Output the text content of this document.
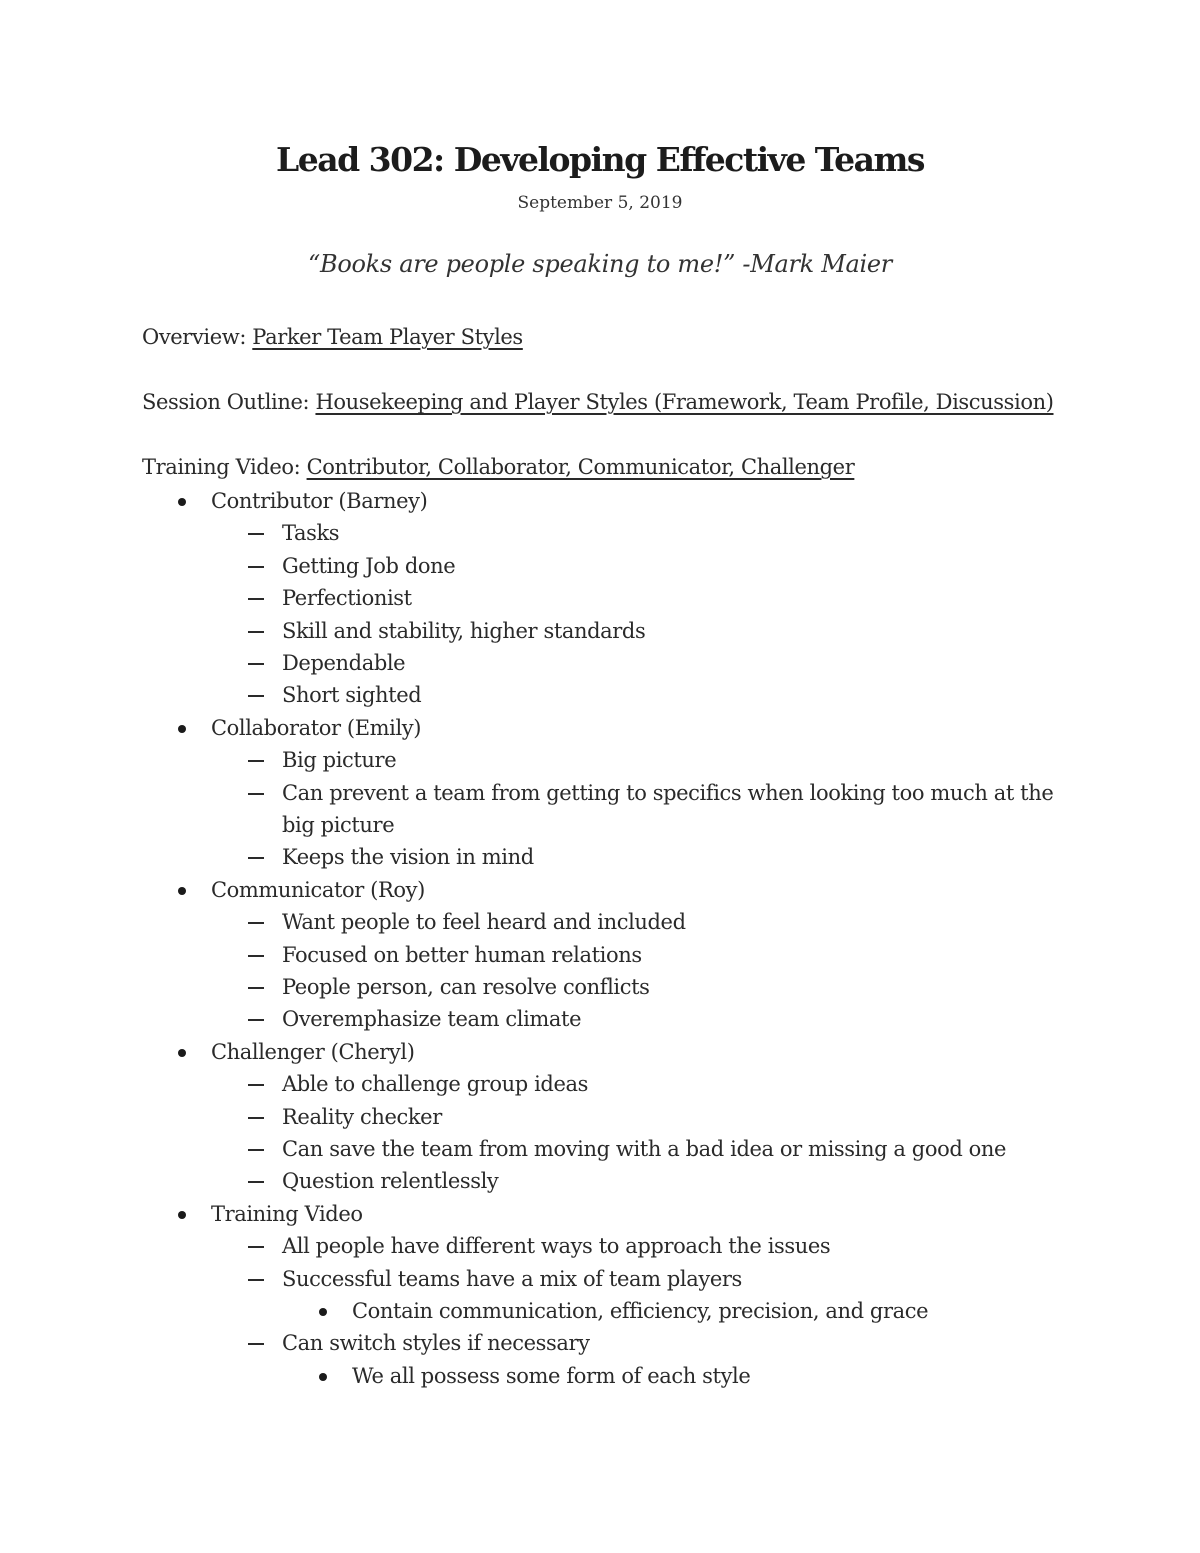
Lead 302: Developing Effective Teams
September 5, 2019
“Books are people speaking to me!” -Mark Maier
Overview: Parker Team Player Styles
Session Outline: Housekeeping and Player Styles (Framework, Team Profile, Discussion)
Training Video: Contributor, Collaborator, Communicator, Challenger
Contributor (Barney)
Tasks
Getting Job done
Perfectionist
Skill and stability, higher standards
Dependable
Short sighted
Collaborator (Emily)
Big picture
Can prevent a team from getting to specifics when looking too much at the
big picture
Keeps the vision in mind
Communicator (Roy)
Want people to feel heard and included
Focused on better human relations
People person, can resolve conflicts
Overemphasize team climate
Challenger (Cheryl)
Able to challenge group ideas
Reality checker
Can save the team from moving with a bad idea or missing a good one
Question relentlessly
Training Video
All people have different ways to approach the issues
Successful teams have a mix of team players
Contain communication, efficiency, precision, and grace
Can switch styles if necessary
We all possess some form of each style
